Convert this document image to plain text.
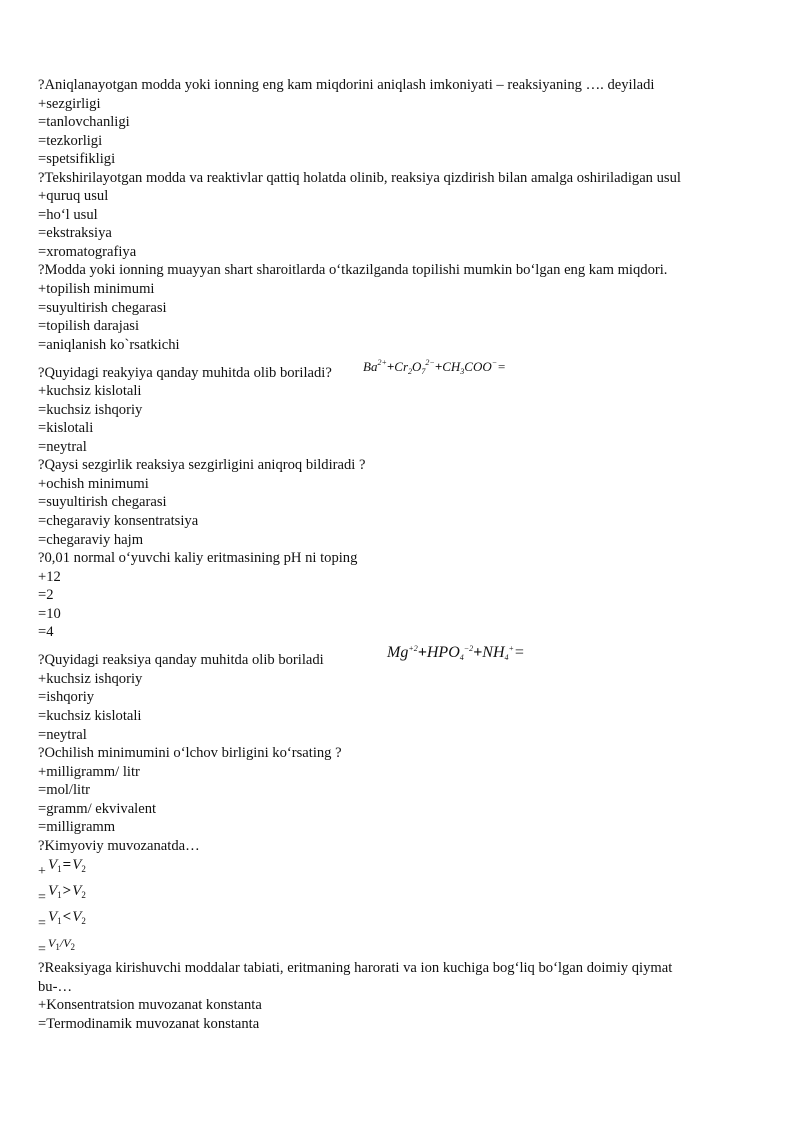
?Aniqlanayotgan modda yoki ionning eng kam miqdorini aniqlash imkoniyati – reaksiyaning …. deyiladi
+sezgirligi
=tanlovchanligi
=tezkorligi
=spetsifikligi
?Tekshirilayotgan modda va reaktivlar qattiq holatda olinib, reaksiya qizdirish bilan amalga oshiriladigan usul
+quruq usul
=ho‘l usul
=ekstraksiya
=xromatografiya
?Modda yoki ionning muayyan shart sharoitlarda o‘tkazilganda topilishi mumkin bo‘lgan eng kam miqdori.
+topilish minimumi
=suyultirish chegarasi
=topilish darajasi
=aniqlanish ko`rsatkichi
?Quyidagi reakyiya qanday muhitda olib boriladi? $Ba^{2+}+Cr_2O_7^{2-}+CH_3COO^-=$
+kuchsiz kislotali
=kuchsiz ishqoriy
=kislotali
=neytral
?Qaysi sezgirlik reaksiya sezgirligini aniqroq bildiradi ?
+ochish minimumi
=suyultirish chegarasi
=chegaraviy konsentratsiya
=chegaraviy hajm
?0,01 normal o‘yuvchi kaliy eritmasining pH ni toping
+12
=2
=10
=4
?Quyidagi reaksiya qanday muhitda olib boriladi	$Mg^{+2}+HPO_4^{-2}+NH_4^+=$
+kuchsiz ishqoriy
=ishqoriy
=kuchsiz kislotali
=neytral
?Ochilish minimumini o‘lchov birligini ko‘rsating ?
+milligramm/ litr
=mol/litr
=gramm/ ekvivalent
=milligramm
?Kimyoviy muvozanatda…
+ $V_1=V_2$
= $V_1>V_2$
= $V_1<V_2$
= $V_1/V_2$
?Reaksiyaga kirishuvchi moddalar tabiati, eritmaning harorati va ion kuchiga bog‘liq bo‘lgan doimiy qiymat
bu-…
+Konsentratsion muvozanat konstanta
=Termodinamik muvozanat konstanta
